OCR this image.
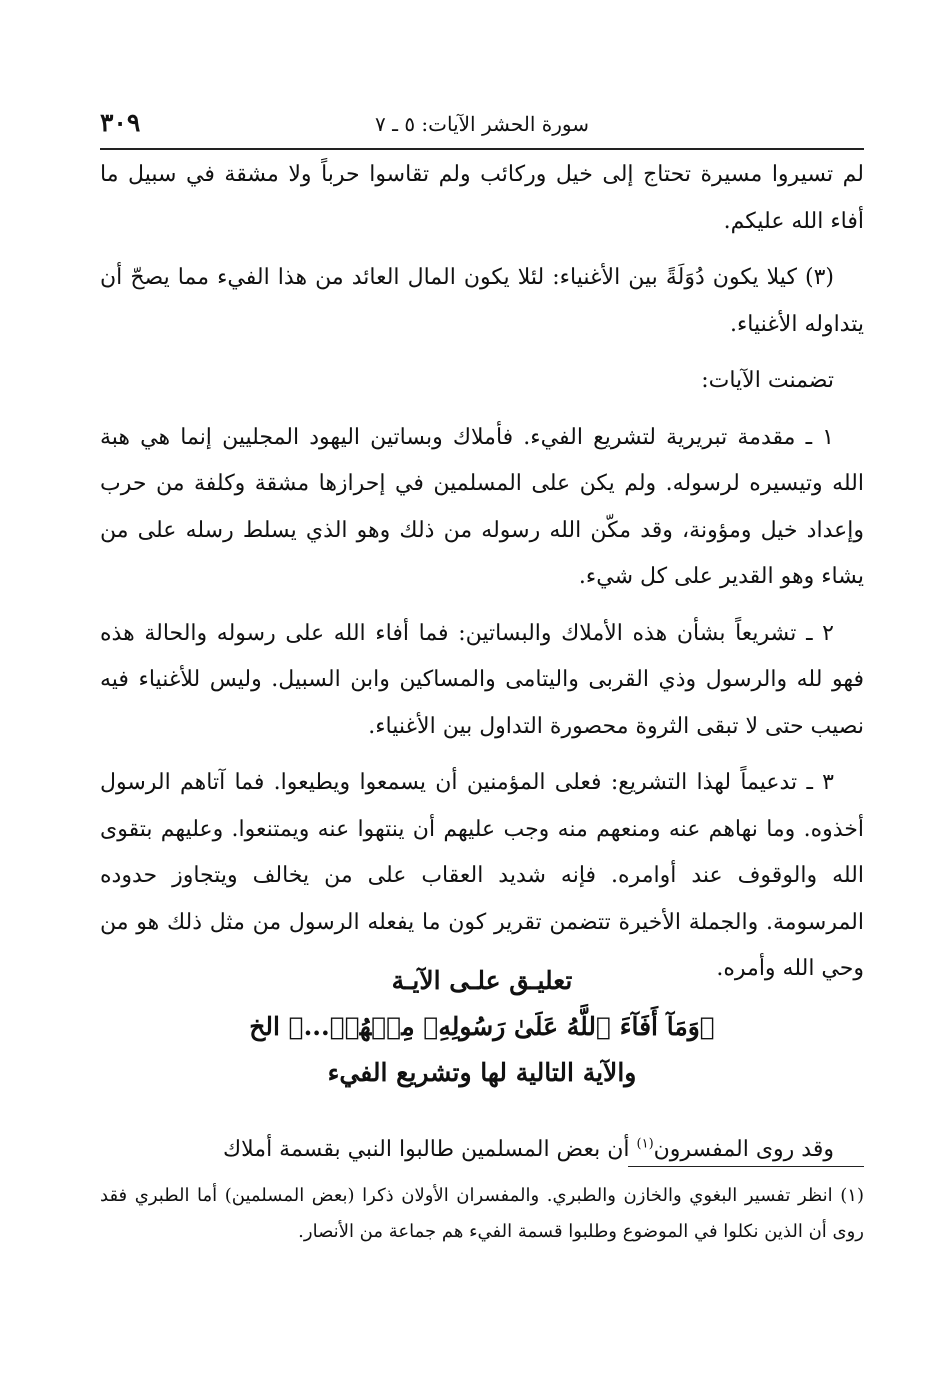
٣٠٩	سورة الحشر الآيات: ٥ ـ ٧

لم تسيروا مسيرة تحتاج إلى خيل وركائب ولم تقاسوا حرباً ولا مشقة في سبيل ما أفاء الله عليكم.

(٣) كيلا يكون دُوَلَةً بين الأغنياء: لئلا يكون المال العائد من هذا الفيء مما يصحّ أن يتداوله الأغنياء.

تضمنت الآيات:

١ ـ مقدمة تبريرية لتشريع الفيء. فأملاك وبساتين اليهود المجليين إنما هي هبة الله وتيسيره لرسوله. ولم يكن على المسلمين في إحرازها مشقة وكلفة من حرب وإعداد خيل ومؤونة، وقد مكّن الله رسوله من ذلك وهو الذي يسلط رسله على من يشاء وهو القدير على كل شيء.

٢ ـ تشريعاً بشأن هذه الأملاك والبساتين: فما أفاء الله على رسوله والحالة هذه فهو لله والرسول وذي القربى واليتامى والمساكين وابن السبيل. وليس للأغنياء فيه نصيب حتى لا تبقى الثروة محصورة التداول بين الأغنياء.

٣ ـ تدعيماً لهذا التشريع: فعلى المؤمنين أن يسمعوا ويطيعوا. فما آتاهم الرسول أخذوه. وما نهاهم عنه ومنعهم منه وجب عليهم أن ينتهوا عنه ويمتنعوا. وعليهم بتقوى الله والوقوف عند أوامره. فإنه شديد العقاب على من يخالف ويتجاوز حدوده المرسومة. والجملة الأخيرة تتضمن تقرير كون ما يفعله الرسول من مثل ذلك هو من وحي الله وأمره.

تعليـق علـى الآيـة
﴿وَمَآ أَفَآءَ ٱللَّهُ عَلَىٰ رَسُولِهِۦ مِنۡهُمۡ...﴾ الخ
والآية التالية لها وتشريع الفيء

وقد روى المفسرون$^{(١)}$ أن بعض المسلمين طالبوا النبي بقسمة أملاك

(١) انظر تفسير البغوي والخازن والطبري. والمفسران الأولان ذكرا (بعض المسلمين) أما الطبري فقد روى أن الذين نكلوا في الموضوع وطلبوا قسمة الفيء هم جماعة من الأنصار.
